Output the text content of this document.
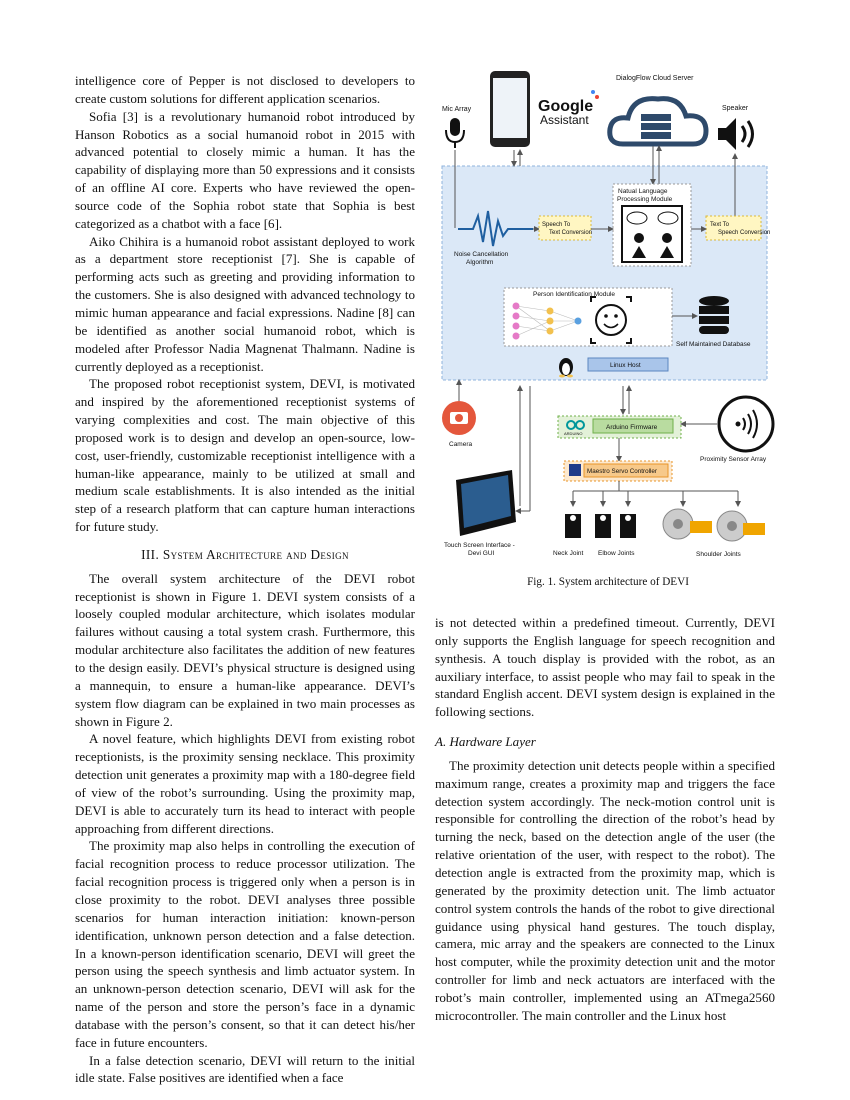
intelligence core of Pepper is not disclosed to developers to create custom solutions for different application scenarios.

Sofia [3] is a revolutionary humanoid robot introduced by Hanson Robotics as a social humanoid robot in 2015 with advanced potential to closely mimic a human. It has the capability of displaying more than 50 expressions and it consists of an offline AI core. Experts who have reviewed the open-source code of the Sophia robot state that Sophia is best categorized as a chatbot with a face [6].

Aiko Chihira is a humanoid robot assistant deployed to work as a department store receptionist [7]. She is capable of performing acts such as greeting and providing information to the customers. She is also designed with advanced technology to mimic human appearance and facial expressions. Nadine [8] can be identified as another social humanoid robot, which is modeled after Professor Nadia Magnenat Thalmann. Nadine is currently deployed as a receptionist.

The proposed robot receptionist system, DEVI, is motivated and inspired by the aforementioned receptionist systems of varying complexities and cost. The main objective of this proposed work is to design and develop an open-source, low-cost, user-friendly, customizable receptionist intelligence with a human-like appearance, mainly to be utilized at small and medium scale establishments. It is also intended as the initial step of a research platform that can capture human interactions for future study.

III. System Architecture and Design

The overall system architecture of the DEVI robot receptionist is shown in Figure 1. DEVI system consists of a loosely coupled modular architecture, which isolates modular failures without causing a total system crash. Furthermore, this modular architecture also facilitates the addition of new features to the design easily. DEVI’s physical structure is designed using a mannequin, to ensure a human-like appearance. DEVI’s system flow diagram can be explained in two main processes as shown in Figure 2.

A novel feature, which highlights DEVI from existing robot receptionists, is the proximity sensing necklace. This proximity detection unit generates a proximity map with a 180-degree field of view of the robot’s surrounding. Using the proximity map, DEVI is able to accurately turn its head to interact with people approaching from different directions.

The proximity map also helps in controlling the execution of facial recognition process to reduce processor utilization. The facial recognition process is triggered only when a person is in close proximity to the robot. DEVI analyses three possible scenarios for human interaction initiation: known-person identification, unknown person detection and a false detection. In a known-person identification scenario, DEVI will greet the person using the speech synthesis and limb actuator system. In an unknown-person detection scenario, DEVI will ask for the name of the person and store the person’s face in a dynamic database with the person’s consent, so that it can detect his/her face in future encounters.

In a false detection scenario, DEVI will return to the initial idle state. False positives are identified when a face

Google
Assistant
DialogFlow Cloud Server
Mic Array	Speaker
Natual Language
Processing Module
Noise Cancellation
Algorithm
Speech To
Text Conversion
Text To
Speech Conversion
Person Identification Module
Self Maintained Database
Linux Host
Camera
Touch Screen Interface -
Devi GUI
ARDUINO
Arduino Firmware
Proximity Sensor Array
Maestro Servo Controller
Neck Joint Elbow Joints	Shoulder Joints
Fig. 1. System architecture of DEVI

is not detected within a predefined timeout. Currently, DEVI only supports the English language for speech recognition and synthesis. A touch display is provided with the robot, as an auxiliary interface, to assist people who may fail to speak in the standard English accent. DEVI system design is explained in the following sections.

A. Hardware Layer

The proximity detection unit detects people within a specified maximum range, creates a proximity map and triggers the face detection system accordingly. The neck-motion control unit is responsible for controlling the direction of the robot’s head by turning the neck, based on the detection angle of the user (the relative orientation of the user, with respect to the robot). The detection angle is extracted from the proximity map, which is generated by the proximity detection unit. The limb actuator control system controls the hands of the robot to give directional guidance using physical hand gestures. The touch display, camera, mic array and the speakers are connected to the Linux host computer, while the proximity detection unit and the motor controller for limb and neck actuators are interfaced with the robot’s main controller, implemented using an ATmega2560 microcontroller. The main controller and the Linux host
